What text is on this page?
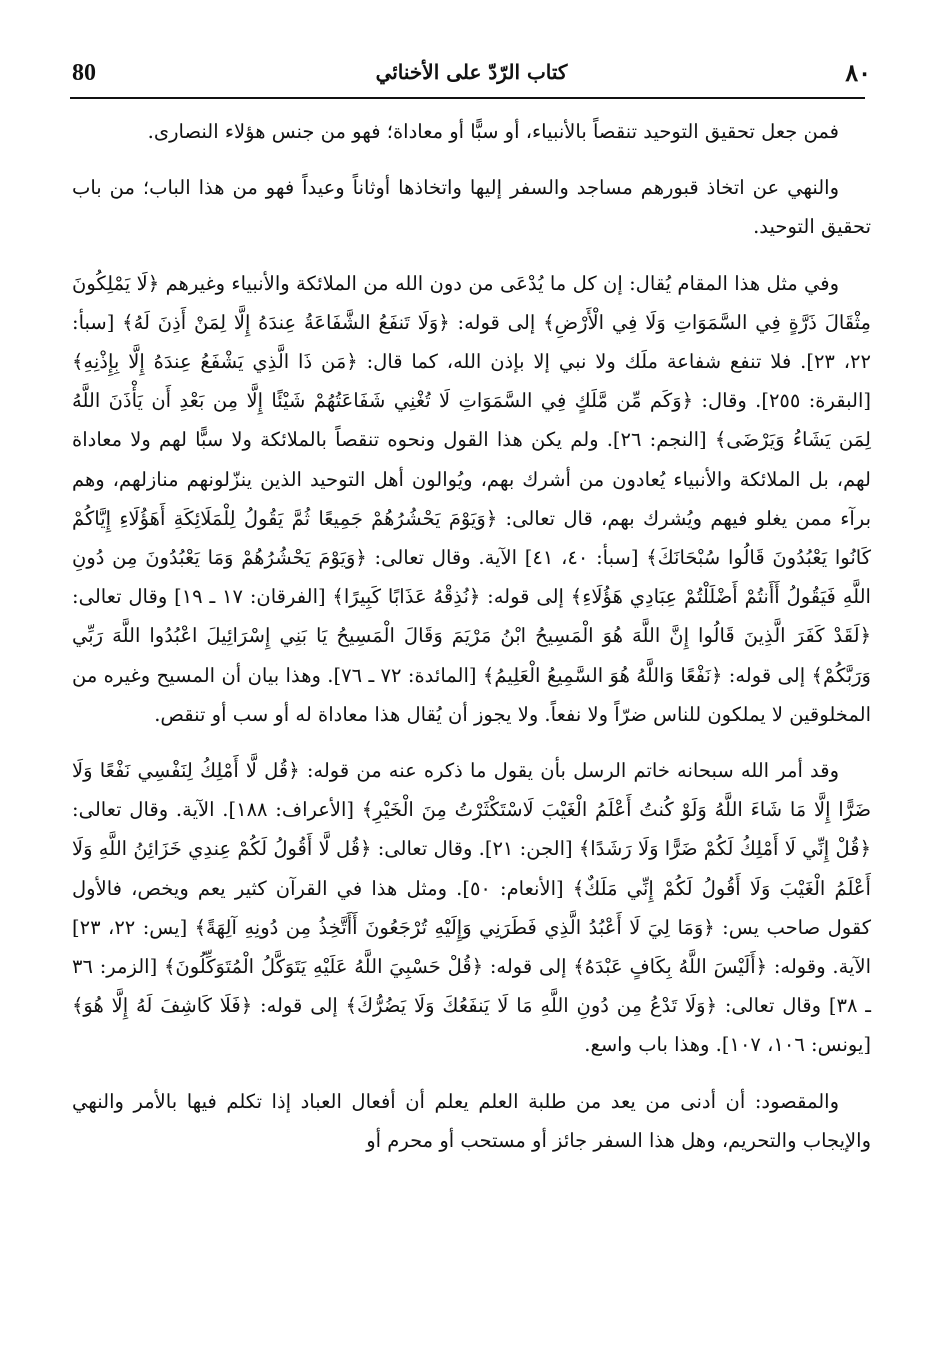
80	كتاب الرّدّ على الأخنائي	٨٠

فمن جعل تحقيق التوحيد تنقصاً بالأنبياء، أو سبًّا أو معاداة؛ فهو من جنس هؤلاء النصارى.

والنهي عن اتخاذ قبورهم مساجد والسفر إليها واتخاذها أوثاناً وعيداً فهو من هذا الباب؛ من باب تحقيق التوحيد.

وفي مثل هذا المقام يُقال: إن كل ما يُدْعَى من دون الله من الملائكة والأنبياء وغيرهم ﴿لَا يَمْلِكُونَ مِثْقَالَ ذَرَّةٍ فِي السَّمَوَاتِ وَلَا فِي الْأَرْضِ﴾ إلى قوله: ﴿وَلَا تَنفَعُ الشَّفَاعَةُ عِندَهُ إِلَّا لِمَنْ أَذِنَ لَهُ﴾ [سبأ: ٢٢، ٢٣]. فلا تنفع شفاعة ملَك ولا نبي إلا بإذن الله، كما قال: ﴿مَن ذَا الَّذِي يَشْفَعُ عِندَهُ إِلَّا بِإِذْنِهِ﴾ [البقرة: ٢٥٥]. وقال: ﴿وَكَم مِّن مَّلَكٍ فِي السَّمَوَاتِ لَا تُغْنِي شَفَاعَتُهُمْ شَيْئًا إِلَّا مِن بَعْدِ أَن يَأْذَنَ اللَّهُ لِمَن يَشَاءُ وَيَرْضَى﴾ [النجم: ٢٦]. ولم يكن هذا القول ونحوه تنقصاً بالملائكة ولا سبًّا لهم ولا معاداة لهم، بل الملائكة والأنبياء يُعادون من أشرك بهم، ويُوالون أهل التوحيد الذين ينزّلونهم منازلهم، وهم برآء ممن يغلو فيهم ويُشرك بهم، قال تعالى: ﴿وَيَوْمَ يَحْشُرُهُمْ جَمِيعًا ثُمَّ يَقُولُ لِلْمَلَائِكَةِ أَهَؤُلَاءِ إِيَّاكُمْ كَانُوا يَعْبُدُونَ قَالُوا سُبْحَانَكَ﴾ [سبأ: ٤٠، ٤١] الآية. وقال تعالى: ﴿وَيَوْمَ يَحْشُرُهُمْ وَمَا يَعْبُدُونَ مِن دُونِ اللَّهِ فَيَقُولُ أَأَنتُمْ أَضْلَلْتُمْ عِبَادِي هَؤُلَاءِ﴾ إلى قوله: ﴿نُذِقْهُ عَذَابًا كَبِيرًا﴾ [الفرقان: ١٧ ـ ١٩] وقال تعالى: ﴿لَقَدْ كَفَرَ الَّذِينَ قَالُوا إِنَّ اللَّهَ هُوَ الْمَسِيحُ ابْنُ مَرْيَمَ وَقَالَ الْمَسِيحُ يَا بَنِي إِسْرَائِيلَ اعْبُدُوا اللَّهَ رَبِّي وَرَبَّكُمْ﴾ إلى قوله: ﴿نَفْعًا وَاللَّهُ هُوَ السَّمِيعُ الْعَلِيمُ﴾ [المائدة: ٧٢ ـ ٧٦]. وهذا بيان أن المسيح وغيره من المخلوقين لا يملكون للناس ضرّاً ولا نفعاً. ولا يجوز أن يُقال هذا معاداة له أو سب أو تنقص.

وقد أمر الله سبحانه خاتم الرسل بأن يقول ما ذكره عنه من قوله: ﴿قُل لَّا أَمْلِكُ لِنَفْسِي نَفْعًا وَلَا ضَرًّا إِلَّا مَا شَاءَ اللَّهُ وَلَوْ كُنتُ أَعْلَمُ الْغَيْبَ لَاسْتَكْثَرْتُ مِنَ الْخَيْرِ﴾ [الأعراف: ١٨٨]. الآية. وقال تعالى: ﴿قُلْ إِنِّي لَا أَمْلِكُ لَكُمْ ضَرًّا وَلَا رَشَدًا﴾ [الجن: ٢١]. وقال تعالى: ﴿قُل لَّا أَقُولُ لَكُمْ عِندِي خَزَائِنُ اللَّهِ وَلَا أَعْلَمُ الْغَيْبَ وَلَا أَقُولُ لَكُمْ إِنِّي مَلَكٌ﴾ [الأنعام: ٥٠]. ومثل هذا في القرآن كثير يعم ويخص، فالأول كقول صاحب يس: ﴿وَمَا لِيَ لَا أَعْبُدُ الَّذِي فَطَرَنِي وَإِلَيْهِ تُرْجَعُونَ أَأَتَّخِذُ مِن دُونِهِ آلِهَةً﴾ [يس: ٢٢، ٢٣] الآية. وقوله: ﴿أَلَيْسَ اللَّهُ بِكَافٍ عَبْدَهُ﴾ إلى قوله: ﴿قُلْ حَسْبِيَ اللَّهُ عَلَيْهِ يَتَوَكَّلُ الْمُتَوَكِّلُونَ﴾ [الزمر: ٣٦ ـ ٣٨] وقال تعالى: ﴿وَلَا تَدْعُ مِن دُونِ اللَّهِ مَا لَا يَنفَعُكَ وَلَا يَضُرُّكَ﴾ إلى قوله: ﴿فَلَا كَاشِفَ لَهُ إِلَّا هُوَ﴾ [يونس: ١٠٦، ١٠٧]. وهذا باب واسع.

والمقصود: أن أدنى من يعد من طلبة العلم يعلم أن أفعال العباد إذا تكلم فيها بالأمر والنهي والإيجاب والتحريم، وهل هذا السفر جائز أو مستحب أو محرم أو
